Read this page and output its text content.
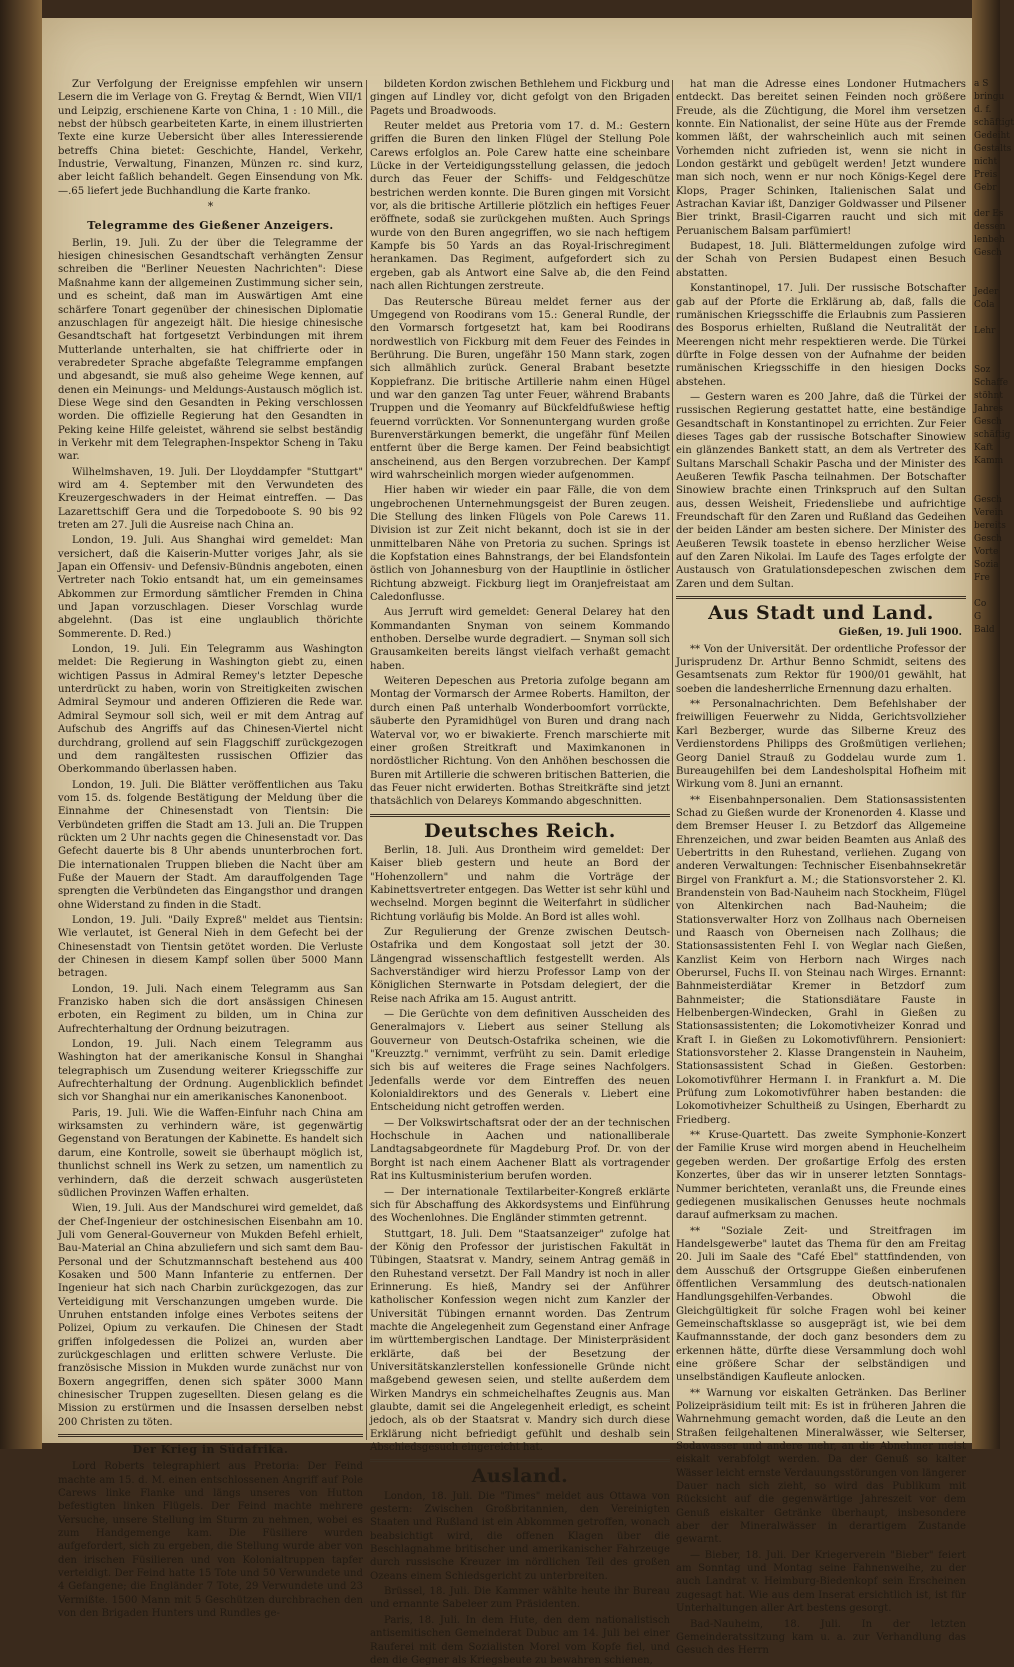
Zur Verfolgung der Ereignisse empfehlen wir unsern Lesern die im Verlage von G. Freytag & Berndt, Wien VII/1 und Leipzig, erschienene Karte von China, 1 : 10 Mill., die nebst der hübsch gearbeiteten Karte, in einem illustrierten Texte eine kurze Uebersicht über alles Interessierende betreffs China bietet: Geschichte, Handel, Verkehr, Industrie, Verwaltung, Finanzen, Münzen rc. sind kurz, aber leicht faßlich behandelt. Gegen Einsendung von Mk. —.65 liefert jede Buchhandlung die Karte franko.

*
Telegramme des Gießener Anzeigers.

Berlin, 19. Juli. Zu der über die Telegramme der hiesigen chinesischen Gesandtschaft verhängten Zensur schreiben die "Berliner Neuesten Nachrichten": Diese Maßnahme kann der allgemeinen Zustimmung sicher sein, und es scheint, daß man im Auswärtigen Amt eine schärfere Tonart gegenüber der chinesischen Diplomatie anzuschlagen für angezeigt hält. Die hiesige chinesische Gesandtschaft hat fortgesetzt Verbindungen mit ihrem Mutterlande unterhalten, sie hat chiffrierte oder in verabredeter Sprache abgefaßte Telegramme empfangen und abgesandt, sie muß also geheime Wege kennen, auf denen ein Meinungs- und Meldungs-Austausch möglich ist. Diese Wege sind den Gesandten in Peking verschlossen worden. Die offizielle Regierung hat den Gesandten in Peking keine Hilfe geleistet, während sie selbst beständig in Verkehr mit dem Telegraphen-Inspektor Scheng in Taku war.

Wilhelmshaven, 19. Juli. Der Lloyddampfer "Stuttgart" wird am 4. September mit den Verwundeten des Kreuzergeschwaders in der Heimat eintreffen. — Das Lazarettschiff Gera und die Torpedoboote S. 90 bis 92 treten am 27. Juli die Ausreise nach China an.

London, 19. Juli. Aus Shanghai wird gemeldet: Man versichert, daß die Kaiserin-Mutter voriges Jahr, als sie Japan ein Offensiv- und Defensiv-Bündnis angeboten, einen Vertreter nach Tokio entsandt hat, um ein gemeinsames Abkommen zur Ermordung sämtlicher Fremden in China und Japan vorzuschlagen. Dieser Vorschlag wurde abgelehnt. (Das ist eine unglaublich thörichte Sommerente. D. Red.)

London, 19. Juli. Ein Telegramm aus Washington meldet: Die Regierung in Washington giebt zu, einen wichtigen Passus in Admiral Remey's letzter Depesche unterdrückt zu haben, worin von Streitigkeiten zwischen Admiral Seymour und anderen Offizieren die Rede war. Admiral Seymour soll sich, weil er mit dem Antrag auf Aufschub des Angriffs auf das Chinesen-Viertel nicht durchdrang, grollend auf sein Flaggschiff zurückgezogen und dem rangältesten russischen Offizier das Oberkommando überlassen haben.

London, 19. Juli. Die Blätter veröffentlichen aus Taku vom 15. ds. folgende Bestätigung der Meldung über die Einnahme der Chinesenstadt von Tientsin: Die Verbündeten griffen die Stadt am 13. Juli an. Die Truppen rückten um 2 Uhr nachts gegen die Chinesenstadt vor. Das Gefecht dauerte bis 8 Uhr abends ununterbrochen fort. Die internationalen Truppen blieben die Nacht über am Fuße der Mauern der Stadt. Am darauffolgenden Tage sprengten die Verbündeten das Eingangsthor und drangen ohne Widerstand zu finden in die Stadt.

London, 19. Juli. "Daily Expreß" meldet aus Tientsin: Wie verlautet, ist General Nieh in dem Gefecht bei der Chinesenstadt von Tientsin getötet worden. Die Verluste der Chinesen in diesem Kampf sollen über 5000 Mann betragen.

London, 19. Juli. Nach einem Telegramm aus San Franzisko haben sich die dort ansässigen Chinesen erboten, ein Regiment zu bilden, um in China zur Aufrechterhaltung der Ordnung beizutragen.

London, 19. Juli. Nach einem Telegramm aus Washington hat der amerikanische Konsul in Shanghai telegraphisch um Zusendung weiterer Kriegsschiffe zur Aufrechterhaltung der Ordnung. Augenblicklich befindet sich vor Shanghai nur ein amerikanisches Kanonenboot.

Paris, 19. Juli. Wie die Waffen-Einfuhr nach China am wirksamsten zu verhindern wäre, ist gegenwärtig Gegenstand von Beratungen der Kabinette. Es handelt sich darum, eine Kontrolle, soweit sie überhaupt möglich ist, thunlichst schnell ins Werk zu setzen, um namentlich zu verhindern, daß die derzeit schwach ausgerüsteten südlichen Provinzen Waffen erhalten.

Wien, 19. Juli. Aus der Mandschurei wird gemeldet, daß der Chef-Ingenieur der ostchinesischen Eisenbahn am 10. Juli vom General-Gouverneur von Mukden Befehl erhielt, Bau-Material an China abzuliefern und sich samt dem Bau-Personal und der Schutzmannschaft bestehend aus 400 Kosaken und 500 Mann Infanterie zu entfernen. Der Ingenieur hat sich nach Charbin zurückgezogen, das zur Verteidigung mit Verschanzungen umgeben wurde. Die Unruhen entstanden infolge eines Verbotes seitens der Polizei, Opium zu verkaufen. Die Chinesen der Stadt griffen infolgedessen die Polizei an, wurden aber zurückgeschlagen und erlitten schwere Verluste. Die französische Mission in Mukden wurde zunächst nur von Boxern angegriffen, denen sich später 3000 Mann chinesischer Truppen zugesellten. Diesen gelang es die Mission zu erstürmen und die Insassen derselben nebst 200 Christen zu töten.

Der Krieg in Südafrika.

Lord Roberts telegraphiert aus Pretoria: Der Feind machte am 15. d. M. einen entschlossenen Angriff auf Pole Carews linke Flanke und längs unseres von Hutton befestigten linken Flügels. Der Feind machte mehrere Versuche, unsere Stellung im Sturm zu nehmen, wobei es zum Handgemenge kam. Die Füsiliere wurden aufgefordert, sich zu ergeben, die Stellung wurde aber von den irischen Füsilieren und von Kolonialtruppen tapfer verteidigt. Der Feind hatte 15 Tote und 50 Verwundete und 4 Gefangene; die Engländer 7 Tote, 29 Verwundete und 23 Vermißte. 1500 Mann mit 5 Geschützen durchbrachen den von den Brigaden Hunters und Rundles ge-

bildeten Kordon zwischen Bethlehem und Fickburg und gingen auf Lindley vor, dicht gefolgt von den Brigaden Pagets und Broadwoods.

Reuter meldet aus Pretoria vom 17. d. M.: Gestern griffen die Buren den linken Flügel der Stellung Pole Carews erfolglos an. Pole Carew hatte eine scheinbare Lücke in der Verteidigungsstellung gelassen, die jedoch durch das Feuer der Schiffs- und Feldgeschütze bestrichen werden konnte. Die Buren gingen mit Vorsicht vor, als die britische Artillerie plötzlich ein heftiges Feuer eröffnete, sodaß sie zurückgehen mußten. Auch Springs wurde von den Buren angegriffen, wo sie nach heftigem Kampfe bis 50 Yards an das Royal-Irischregiment herankamen. Das Regiment, aufgefordert sich zu ergeben, gab als Antwort eine Salve ab, die den Feind nach allen Richtungen zerstreute.

Das Reutersche Büreau meldet ferner aus der Umgegend von Roodirans vom 15.: General Rundle, der den Vormarsch fortgesetzt hat, kam bei Roodirans nordwestlich von Fickburg mit dem Feuer des Feindes in Berührung. Die Buren, ungefähr 150 Mann stark, zogen sich allmählich zurück. General Brabant besetzte Koppiefranz. Die britische Artillerie nahm einen Hügel und war den ganzen Tag unter Feuer, während Brabants Truppen und die Yeomanry auf Bückfeldfußwiese heftig feuernd vorrückten. Vor Sonnenuntergang wurden große Burenverstärkungen bemerkt, die ungefähr fünf Meilen entfernt über die Berge kamen. Der Feind beabsichtigt anscheinend, aus den Bergen vorzubrechen. Der Kampf wird wahrscheinlich morgen wieder aufgenommen.

Hier haben wir wieder ein paar Fälle, die von dem ungebrochenen Unternehmungsgeist der Buren zeugen. Die Stellung des linken Flügels von Pole Carews 11. Division ist zur Zeit nicht bekannt, doch ist sie in der unmittelbaren Nähe von Pretoria zu suchen. Springs ist die Kopfstation eines Bahnstrangs, der bei Elandsfontein östlich von Johannesburg von der Hauptlinie in östlicher Richtung abzweigt. Fickburg liegt im Oranjefreistaat am Caledonflusse.

Aus Jerruft wird gemeldet: General Delarey hat den Kommandanten Snyman von seinem Kommando enthoben. Derselbe wurde degradiert. — Snyman soll sich Grausamkeiten bereits längst vielfach verhaßt gemacht haben.

Weiteren Depeschen aus Pretoria zufolge begann am Montag der Vormarsch der Armee Roberts. Hamilton, der durch einen Paß unterhalb Wonderboomfort vorrückte, säuberte den Pyramidhügel von Buren und drang nach Waterval vor, wo er biwakierte. French marschierte mit einer großen Streitkraft und Maximkanonen in nordöstlicher Richtung. Von den Anhöhen beschossen die Buren mit Artillerie die schweren britischen Batterien, die das Feuer nicht erwiderten. Bothas Streitkräfte sind jetzt thatsächlich von Delareys Kommando abgeschnitten.

Deutsches Reich.

Berlin, 18. Juli. Aus Drontheim wird gemeldet: Der Kaiser blieb gestern und heute an Bord der "Hohenzollern" und nahm die Vorträge der Kabinettsvertreter entgegen. Das Wetter ist sehr kühl und wechselnd. Morgen beginnt die Weiterfahrt in südlicher Richtung vorläufig bis Molde. An Bord ist alles wohl.

Zur Regulierung der Grenze zwischen Deutsch-Ostafrika und dem Kongostaat soll jetzt der 30. Längengrad wissenschaftlich festgestellt werden. Als Sachverständiger wird hierzu Professor Lamp von der Königlichen Sternwarte in Potsdam delegiert, der die Reise nach Afrika am 15. August antritt.

— Die Gerüchte von dem definitiven Ausscheiden des Generalmajors v. Liebert aus seiner Stellung als Gouverneur von Deutsch-Ostafrika scheinen, wie die "Kreuzztg." vernimmt, verfrüht zu sein. Damit erledige sich bis auf weiteres die Frage seines Nachfolgers. Jedenfalls werde vor dem Eintreffen des neuen Kolonialdirektors und des Generals v. Liebert eine Entscheidung nicht getroffen werden.

— Der Volkswirtschaftsrat oder der an der technischen Hochschule in Aachen und nationalliberale Landtagsabgeordnete für Magdeburg Prof. Dr. von der Borght ist nach einem Aachener Blatt als vortragender Rat ins Kultusministerium berufen worden.

— Der internationale Textilarbeiter-Kongreß erklärte sich für Abschaffung des Akkordsystems und Einführung des Wochenlohnes. Die Engländer stimmten getrennt.

Stuttgart, 18. Juli. Dem "Staatsanzeiger" zufolge hat der König den Professor der juristischen Fakultät in Tübingen, Staatsrat v. Mandry, seinem Antrag gemäß in den Ruhestand versetzt. Der Fall Mandry ist noch in aller Erinnerung. Es hieß, Mandry sei der Anführer katholischer Konfession wegen nicht zum Kanzler der Universität Tübingen ernannt worden. Das Zentrum machte die Angelegenheit zum Gegenstand einer Anfrage im württembergischen Landtage. Der Ministerpräsident erklärte, daß bei der Besetzung der Universitätskanzlerstellen konfessionelle Gründe nicht maßgebend gewesen seien, und stellte außerdem dem Wirken Mandrys ein schmeichelhaftes Zeugnis aus. Man glaubte, damit sei die Angelegenheit erledigt, es scheint jedoch, als ob der Staatsrat v. Mandry sich durch diese Erklärung nicht befriedigt gefühlt und deshalb sein Abschiedsgesuch eingereicht hat.

Ausland.

London, 18. Juli. Die "Times" meldet aus Ottawa von gestern: Zwischen Großbritannien, den Vereinigten Staaten und Rußland ist ein Abkommen getroffen, wonach beabsichtigt wird, die offenen Klagen über die Beschlagnahme britischer und amerikanischer Fahrzeuge durch russische Kreuzer im nördlichen Teil des großen Ozeans einem Schiedsgericht zu unterbreiten.

Brüssel, 18. Juli. Die Kammer wählte heute ihr Bureau und ernannte Sabeleer zum Präsidenten.

Paris, 18. Juli. In dem Hute, den dem nationalistisch antisemitischen Gemeinderat Dubuc am 14. Juli bei einer Rauferei mit dem Sozialisten Morel vom Kopfe fiel, und den die Gegner als Kriegsbeute zu bewahren schienen,

hat man die Adresse eines Londoner Hutmachers entdeckt. Das bereitet seinen Feinden noch größere Freude, als die Züchtigung, die Morel ihm versetzen konnte. Ein Nationalist, der seine Hüte aus der Fremde kommen läßt, der wahrscheinlich auch mit seinen Vorhemden nicht zufrieden ist, wenn sie nicht in London gestärkt und gebügelt werden! Jetzt wundere man sich noch, wenn er nur noch Königs-Kegel dere Klops, Prager Schinken, Italienischen Salat und Astrachan Kaviar ißt, Danziger Goldwasser und Pilsener Bier trinkt, Brasil-Cigarren raucht und sich mit Peruanischem Balsam parfümiert!

Budapest, 18. Juli. Blättermeldungen zufolge wird der Schah von Persien Budapest einen Besuch abstatten.

Konstantinopel, 17. Juli. Der russische Botschafter gab auf der Pforte die Erklärung ab, daß, falls die rumänischen Kriegsschiffe die Erlaubnis zum Passieren des Bosporus erhielten, Rußland die Neutralität der Meerengen nicht mehr respektieren werde. Die Türkei dürfte in Folge dessen von der Aufnahme der beiden rumänischen Kriegsschiffe in den hiesigen Docks abstehen.

— Gestern waren es 200 Jahre, daß die Türkei der russischen Regierung gestattet hatte, eine beständige Gesandtschaft in Konstantinopel zu errichten. Zur Feier dieses Tages gab der russische Botschafter Sinowiew ein glänzendes Bankett statt, an dem als Vertreter des Sultans Marschall Schakir Pascha und der Minister des Aeußeren Tewfik Pascha teilnahmen. Der Botschafter Sinowiew brachte einen Trinkspruch auf den Sultan aus, dessen Weisheit, Friedensliebe und aufrichtige Freundschaft für den Zaren und Rußland das Gedeihen der beiden Länder am besten sichere. Der Minister des Aeußeren Tewsik toastete in ebenso herzlicher Weise auf den Zaren Nikolai. Im Laufe des Tages erfolgte der Austausch von Gratulationsdepeschen zwischen dem Zaren und dem Sultan.

Aus Stadt und Land.
Gießen, 19. Juli 1900.

** Von der Universität. Der ordentliche Professor der Jurisprudenz Dr. Arthur Benno Schmidt, seitens des Gesamtsenats zum Rektor für 1900/01 gewählt, hat soeben die landesherrliche Ernennung dazu erhalten.

** Personalnachrichten. Dem Befehlshaber der freiwilligen Feuerwehr zu Nidda, Gerichtsvollzieher Karl Bezberger, wurde das Silberne Kreuz des Verdienstordens Philipps des Großmütigen verliehen; Georg Daniel Strauß zu Goddelau wurde zum 1. Bureaugehilfen bei dem Landesholspital Hofheim mit Wirkung vom 8. Juni an ernannt.

** Eisenbahnpersonalien. Dem Stationsassistenten Schad zu Gießen wurde der Kronenorden 4. Klasse und dem Bremser Heuser I. zu Betzdorf das Allgemeine Ehrenzeichen, und zwar beiden Beamten aus Anlaß des Uebertritts in den Ruhestand, verliehen. Zugang von anderen Verwaltungen: Technischer Eisenbahnsekretär Birgel von Frankfurt a. M.; die Stationsvorsteher 2. Kl. Brandenstein von Bad-Nauheim nach Stockheim, Flügel von Altenkirchen nach Bad-Nauheim; die Stationsverwalter Horz von Zollhaus nach Oberneisen und Raasch von Oberneisen nach Zollhaus; die Stationsassistenten Fehl I. von Weglar nach Gießen, Kanzlist Keim von Herborn nach Wirges nach Oberursel, Fuchs II. von Steinau nach Wirges. Ernannt: Bahnmeisterdiätar Kremer in Betzdorf zum Bahnmeister; die Stationsdiätare Fauste in Helbenbergen-Windecken, Grahl in Gießen zu Stationsassistenten; die Lokomotivheizer Konrad und Kraft I. in Gießen zu Lokomotivführern. Pensioniert: Stationsvorsteher 2. Klasse Drangenstein in Nauheim, Stationsassistent Schad in Gießen. Gestorben: Lokomotivführer Hermann I. in Frankfurt a. M. Die Prüfung zum Lokomotivführer haben bestanden: die Lokomotivheizer Schultheiß zu Usingen, Eberhardt zu Friedberg.

** Kruse-Quartett. Das zweite Symphonie-Konzert der Familie Kruse wird morgen abend in Heuchelheim gegeben werden. Der großartige Erfolg des ersten Konzertes, über das wir in unserer letzten Sonntags-Nummer berichteten, veranlaßt uns, die Freunde eines gediegenen musikalischen Genusses heute nochmals darauf aufmerksam zu machen.

** "Soziale Zeit- und Streitfragen im Handelsgewerbe" lautet das Thema für den am Freitag 20. Juli im Saale des "Café Ebel" stattfindenden, von dem Ausschuß der Ortsgruppe Gießen einberufenen öffentlichen Versammlung des deutsch-nationalen Handlungsgehilfen-Verbandes. Obwohl die Gleichgültigkeit für solche Fragen wohl bei keiner Gemeinschaftsklasse so ausgeprägt ist, wie bei dem Kaufmannsstande, der doch ganz besonders dem zu erkennen hätte, dürfte diese Versammlung doch wohl eine größere Schar der selbständigen und unselbständigen Kaufleute anlocken.

** Warnung vor eiskalten Getränken. Das Berliner Polizeipräsidium teilt mit: Es ist in früheren Jahren die Wahrnehmung gemacht worden, daß die Leute an den Straßen feilgehaltenen Mineralwässer, wie Selterser, Sodawasser und andere mehr, an die Abnehmer meist eiskalt verabfolgt werden. Da der Genuß so kalter Wässer leicht ernste Verdauungsstörungen von längerer Dauer nach sich zieht, so wird das Publikum mit Rücksicht auf die gegenwärtige Jahreszeit vor dem Genuß eiskalter Getränke überhaupt, insbesondere aber der Mineralwässer in derartigem Zustande gewarnt.

— Bieber, 18. Juli. Der Kriegerverein "Bieber" feiert am Sonntag und Montag seine Fahnenweihe, zu der auch Landrat v. Heimburg-Biedenkopf sein Erscheinen zugesagt hat. Wie aus dem Inserat ersichtlich ist, ist für Unterhaltungen aller Art bestens gesorgt.

Bad-Nauheim, 18. Juli. In der letzten Gemeinderatssitzung kam u. a. zur Verhandlung das Gesuch des Herrn

a S
bringu
d. f.
schäftigt
Gedeiht
Gestalts
nicht
Preis
Gebr

der Es
dessen
lenbeh
Gesch

Jeder
Cola

Lehr

Soz
Schaffe
stöhnt
Jahres
Gesch
schäftig
Kaft
Kamm

Gesch
Verein
bereits
Gesch
Vorte
Sozia
Fre

Co
G
Bald
